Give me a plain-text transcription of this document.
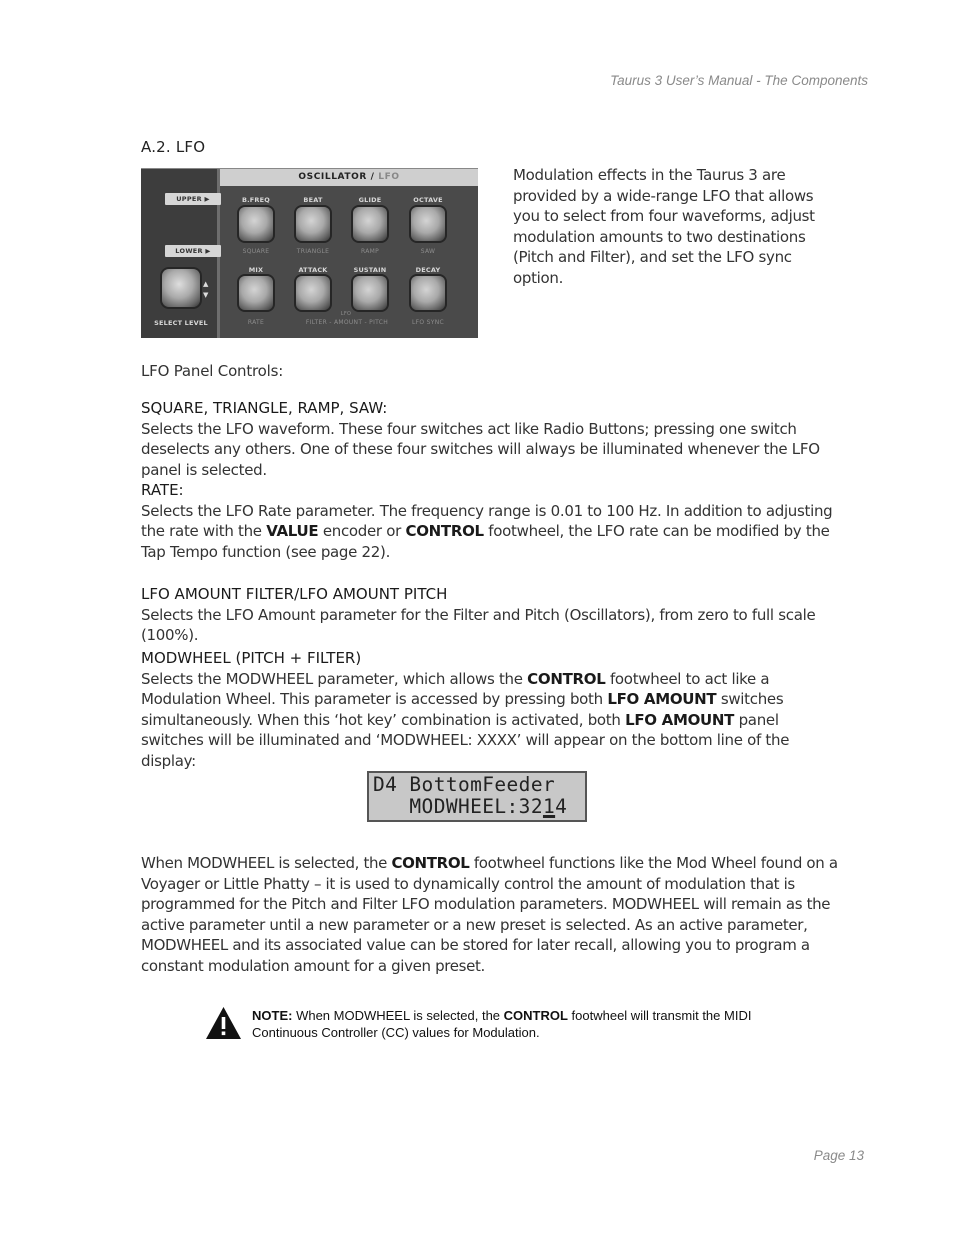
Taurus 3 User’s Manual - The Components
A.2. LFO
OSCILLATOR / LFO
UPPER ▶
LOWER ▶
▲
▼
SELECT LEVEL
B.FREQ	BEAT	GLIDE	OCTAVE
SQUARE	TRIANGLE	RAMP	SAW
MIX	ATTACK	SUSTAIN	DECAY
LFO
RATE	FILTER - AMOUNT - PITCH	LFO SYNC
Modulation effects in the Taurus 3 are provided by a wide-range LFO that allows you to select from four waveforms, adjust modulation amounts to two destinations (Pitch and Filter), and set the LFO sync option.
LFO Panel Controls:
SQUARE, TRIANGLE, RAMP, SAW:
Selects the LFO waveform. These four switches act like Radio Buttons; pressing one switch deselects any others. One of these four switches will always be illuminated whenever the LFO panel is selected.
RATE:
Selects the LFO Rate parameter. The frequency range is 0.01 to 100 Hz. In addition to adjusting the rate with the VALUE encoder or CONTROL footwheel, the LFO rate can be modified by the Tap Tempo function (see page 22).
LFO AMOUNT FILTER/LFO AMOUNT PITCH
Selects the LFO Amount parameter for the Filter and Pitch (Oscillators), from zero to full scale (100%).
MODWHEEL (PITCH + FILTER)
Selects the MODWHEEL parameter, which allows the CONTROL footwheel to act like a Modulation Wheel. This parameter is accessed by pressing both LFO AMOUNT switches simultaneously. When this ‘hot key’ combination is activated, both LFO AMOUNT panel switches will be illuminated and ‘MODWHEEL: XXXX’ will appear on the bottom line of the display:
D4 BottomFeeder
MODWHEEL:3214
When MODWHEEL is selected, the CONTROL footwheel functions like the Mod Wheel found on a Voyager or Little Phatty – it is used to dynamically control the amount of modulation that is programmed for the Pitch and Filter LFO modulation parameters. MODWHEEL will remain as the active parameter until a new parameter or a new preset is selected. As an active parameter, MODWHEEL and its associated value can be stored for later recall, allowing you to program a constant modulation amount for a given preset.
NOTE: When MODWHEEL is selected, the CONTROL footwheel will transmit the MIDI Continuous Controller (CC) values for Modulation.
Page 13
